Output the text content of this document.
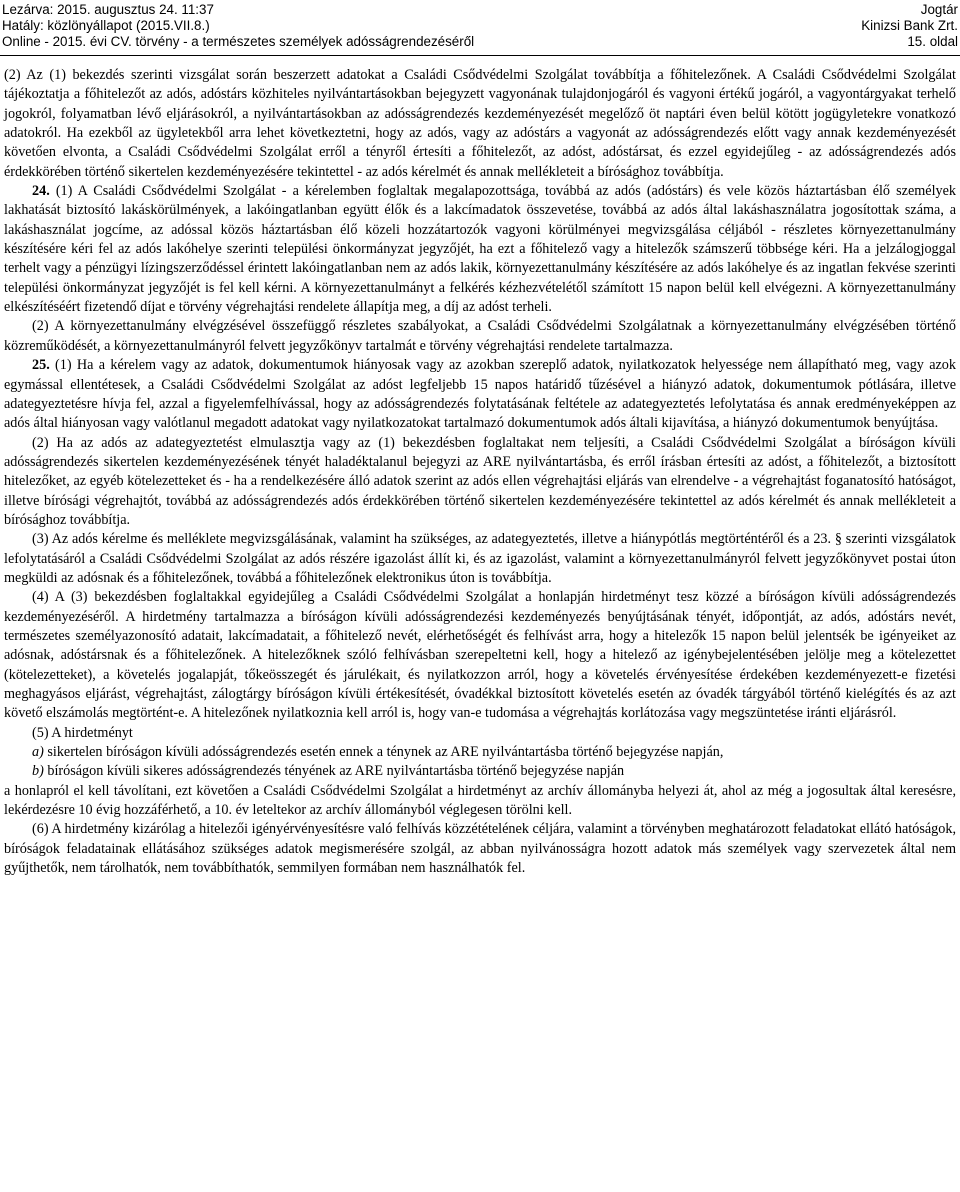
Lezárva: 2015. augusztus 24. 11:37
Hatály: közlönyállapot (2015.VII.8.)
Online - 2015. évi CV. törvény - a természetes személyek adósságrendezéséről
Jogtár
Kinizsi Bank Zrt.
15. oldal

(2) Az (1) bekezdés szerinti vizsgálat során beszerzett adatokat a Családi Csődvédelmi Szolgálat továbbítja a főhitelezőnek. A Családi Csődvédelmi Szolgálat tájékoztatja a főhitelezőt az adós, adóstárs közhiteles nyilvántartásokban bejegyzett vagyonának tulajdonjogáról és vagyoni értékű jogáról, a vagyontárgyakat terhelő jogokról, folyamatban lévő eljárásokról, a nyilvántartásokban az adósságrendezés kezdeményezését megelőző öt naptári éven belül kötött jogügyletekre vonatkozó adatokról. Ha ezekből az ügyletekből arra lehet következtetni, hogy az adós, vagy az adóstárs a vagyonát az adósságrendezés előtt vagy annak kezdeményezését követően elvonta, a Családi Csődvédelmi Szolgálat erről a tényről értesíti a főhitelezőt, az adóst, adóstársat, és ezzel egyidejűleg - az adósságrendezés adós érdekkörében történő sikertelen kezdeményezésére tekintettel - az adós kérelmét és annak mellékleteit a bírósághoz továbbítja.

24. (1) A Családi Csődvédelmi Szolgálat - a kérelemben foglaltak megalapozottsága, továbbá az adós (adóstárs) és vele közös háztartásban élő személyek lakhatását biztosító lakáskörülmények, a lakóingatlanban együtt élők és a lakcímadatok összevetése, továbbá az adós által lakáshasználatra jogosítottak száma, a lakáshasználat jogcíme, az adóssal közös háztartásban élő közeli hozzátartozók vagyoni körülményei megvizsgálása céljából - részletes környezettanulmány készítésére kéri fel az adós lakóhelye szerinti települési önkormányzat jegyzőjét, ha ezt a főhitelező vagy a hitelezők számszerű többsége kéri. Ha a jelzálogjoggal terhelt vagy a pénzügyi lízingszerződéssel érintett lakóingatlanban nem az adós lakik, környezettanulmány készítésére az adós lakóhelye és az ingatlan fekvése szerinti települési önkormányzat jegyzőjét is fel kell kérni. A környezettanulmányt a felkérés kézhezvételétől számított 15 napon belül kell elvégezni. A környezettanulmány elkészítéséért fizetendő díjat e törvény végrehajtási rendelete állapítja meg, a díj az adóst terheli.

(2) A környezettanulmány elvégzésével összefüggő részletes szabályokat, a Családi Csődvédelmi Szolgálatnak a környezettanulmány elvégzésében történő közreműködését, a környezettanulmányról felvett jegyzőkönyv tartalmát e törvény végrehajtási rendelete tartalmazza.

25. (1) Ha a kérelem vagy az adatok, dokumentumok hiányosak vagy az azokban szereplő adatok, nyilatkozatok helyessége nem állapítható meg, vagy azok egymással ellentétesek, a Családi Csődvédelmi Szolgálat az adóst legfeljebb 15 napos határidő tűzésével a hiányzó adatok, dokumentumok pótlására, illetve adategyeztetésre hívja fel, azzal a figyelemfelhívással, hogy az adósságrendezés folytatásának feltétele az adategyeztetés lefolytatása és annak eredményeképpen az adós által hiányosan vagy valótlanul megadott adatokat vagy nyilatkozatokat tartalmazó dokumentumok adós általi kijavítása, a hiányzó dokumentumok benyújtása.

(2) Ha az adós az adategyeztetést elmulasztja vagy az (1) bekezdésben foglaltakat nem teljesíti, a Családi Csődvédelmi Szolgálat a bíróságon kívüli adósságrendezés sikertelen kezdeményezésének tényét haladéktalanul bejegyzi az ARE nyilvántartásba, és erről írásban értesíti az adóst, a főhitelezőt, a biztosított hitelezőket, az egyéb kötelezetteket és - ha a rendelkezésére álló adatok szerint az adós ellen végrehajtási eljárás van elrendelve - a végrehajtást foganatosító hatóságot, illetve bírósági végrehajtót, továbbá az adósságrendezés adós érdekkörében történő sikertelen kezdeményezésére tekintettel az adós kérelmét és annak mellékleteit a bírósághoz továbbítja.

(3) Az adós kérelme és melléklete megvizsgálásának, valamint ha szükséges, az adategyeztetés, illetve a hiánypótlás megtörténtéről és a 23. § szerinti vizsgálatok lefolytatásáról a Családi Csődvédelmi Szolgálat az adós részére igazolást állít ki, és az igazolást, valamint a környezettanulmányról felvett jegyzőkönyvet postai úton megküldi az adósnak és a főhitelezőnek, továbbá a főhitelezőnek elektronikus úton is továbbítja.

(4) A (3) bekezdésben foglaltakkal egyidejűleg a Családi Csődvédelmi Szolgálat a honlapján hirdetményt tesz közzé a bíróságon kívüli adósságrendezés kezdeményezéséről. A hirdetmény tartalmazza a bíróságon kívüli adósságrendezési kezdeményezés benyújtásának tényét, időpontját, az adós, adóstárs nevét, természetes személyazonosító adatait, lakcímadatait, a főhitelező nevét, elérhetőségét és felhívást arra, hogy a hitelezők 15 napon belül jelentsék be igényeiket az adósnak, adóstársnak és a főhitelezőnek. A hitelezőknek szóló felhívásban szerepeltetni kell, hogy a hitelező az igénybejelentésében jelölje meg a kötelezettet (kötelezetteket), a követelés jogalapját, tőkeösszegét és járulékait, és nyilatkozzon arról, hogy a követelés érvényesítése érdekében kezdeményezett-e fizetési meghagyásos eljárást, végrehajtást, zálogtárgy bíróságon kívüli értékesítését, óvadékkal biztosított követelés esetén az óvadék tárgyából történő kielégítés és az azt követő elszámolás megtörtént-e. A hitelezőnek nyilatkoznia kell arról is, hogy van-e tudomása a végrehajtás korlátozása vagy megszüntetése iránti eljárásról.

(5) A hirdetményt

a) sikertelen bíróságon kívüli adósságrendezés esetén ennek a ténynek az ARE nyilvántartásba történő bejegyzése napján,

b) bíróságon kívüli sikeres adósságrendezés tényének az ARE nyilvántartásba történő bejegyzése napján

a honlapról el kell távolítani, ezt követően a Családi Csődvédelmi Szolgálat a hirdetményt az archív állományba helyezi át, ahol az még a jogosultak által keresésre, lekérdezésre 10 évig hozzáférhető, a 10. év leteltekor az archív állományból véglegesen törölni kell.

(6) A hirdetmény kizárólag a hitelezői igényérvényesítésre való felhívás közzétételének céljára, valamint a törvényben meghatározott feladatokat ellátó hatóságok, bíróságok feladatainak ellátásához szükséges adatok megismerésére szolgál, az abban nyilvánosságra hozott adatok más személyek vagy szervezetek által nem gyűjthetők, nem tárolhatók, nem továbbíthatók, semmilyen formában nem használhatók fel.
